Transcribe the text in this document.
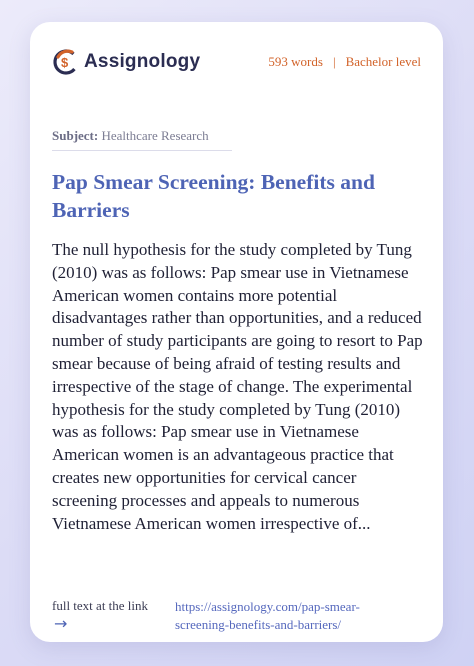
$ Assignology	593 words | Bachelor level
Subject: Healthcare Research
Pap Smear Screening: Benefits and Barriers

The null hypothesis for the study completed by Tung (2010) was as follows: Pap smear use in Vietnamese American women contains more potential disadvantages rather than opportunities, and a reduced number of study participants are going to resort to Pap smear because of being afraid of testing results and irrespective of the stage of change. The experimental hypothesis for the study completed by Tung (2010) was as follows: Pap smear use in Vietnamese American women is an advantageous practice that creates new opportunities for cervical cancer screening processes and appeals to numerous Vietnamese American women irrespective of...

full text at the link
→
https://assignology.com/pap-smear-screening-benefits-and-barriers/
